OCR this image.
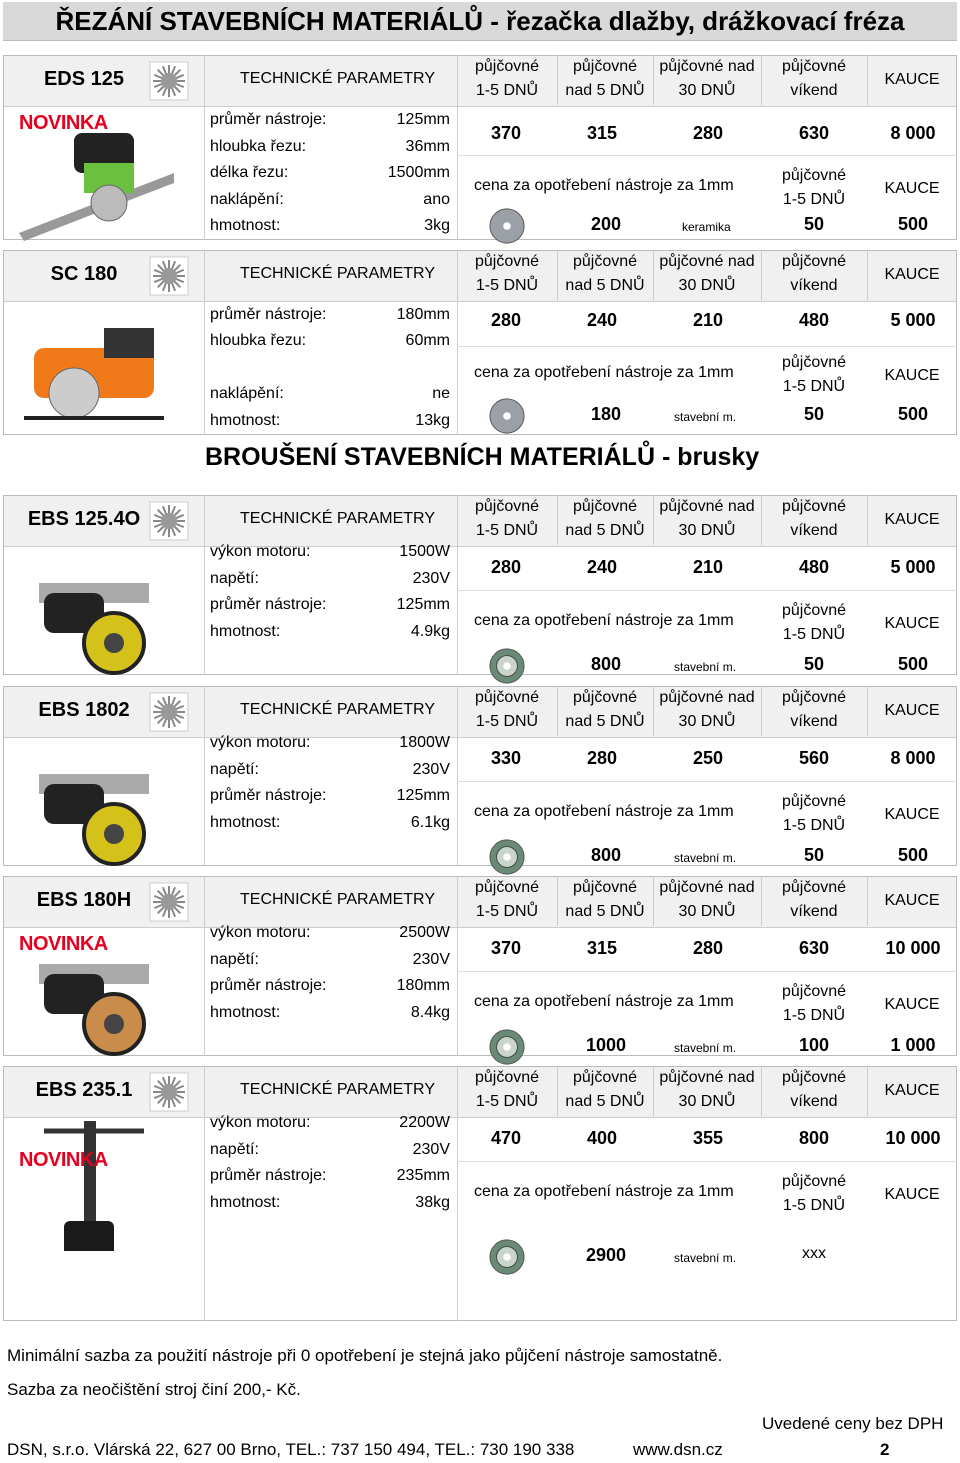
ŘEZÁNÍ STAVEBNÍCH MATERIÁLŮ - řezačka dlažby, drážkovací fréza
EDS 125	TECHNICKÉ PARAMETRY
půjčovné
1-5 DNŮ
půjčovné
nad 5 DNŮ
půjčovné nad
30 DNŮ
půjčovné
víkend
KAUCE
NOVINKA	průměr nástroje:	125mm
hloubka řezu:	36mm
délka řezu:	1500mm
naklápění:	ano
hmotnost:	3kg
370	315	280	630	8 000
cena za opotřebení nástroje za 1mm
půjčovné
1-5 DNŮ
KAUCE
200	keramika	50	500
SC 180	TECHNICKÉ PARAMETRY
půjčovné
1-5 DNŮ
půjčovné
nad 5 DNŮ
půjčovné nad
30 DNŮ
půjčovné
víkend
KAUCE
průměr nástroje:	180mm
hloubka řezu:	60mm
naklápění:	ne
hmotnost:	13kg
280	240	210	480	5 000
cena za opotřebení nástroje za 1mm
půjčovné
1-5 DNŮ
KAUCE
180	stavební m.	50	500
EBS 125.4O	TECHNICKÉ PARAMETRY
půjčovné
1-5 DNŮ
půjčovné
nad 5 DNŮ
půjčovné nad
30 DNŮ
půjčovné
víkend
KAUCE
výkon motoru:	1500W
napětí:	230V
průměr nástroje:	125mm
hmotnost:	4.9kg
280	240	210	480	5 000
cena za opotřebení nástroje za 1mm
půjčovné
1-5 DNŮ
KAUCE
800	stavební m.	50	500
EBS 1802	TECHNICKÉ PARAMETRY
půjčovné
1-5 DNŮ
půjčovné
nad 5 DNŮ
půjčovné nad
30 DNŮ
půjčovné
víkend
KAUCE
výkon motoru:	1800W
napětí:	230V
průměr nástroje:	125mm
hmotnost:	6.1kg
330	280	250	560	8 000
cena za opotřebení nástroje za 1mm
půjčovné
1-5 DNŮ
KAUCE
800	stavební m.	50	500
EBS 180H	TECHNICKÉ PARAMETRY
půjčovné
1-5 DNŮ
půjčovné
nad 5 DNŮ
půjčovné nad
30 DNŮ
půjčovné
víkend
KAUCE
NOVINKA
výkon motoru:	2500W
napětí:	230V
průměr nástroje:	180mm
hmotnost:	8.4kg
370	315	280	630	10 000
cena za opotřebení nástroje za 1mm
půjčovné
1-5 DNŮ
KAUCE
1000	stavební m.	100	1 000
EBS 235.1	TECHNICKÉ PARAMETRY
půjčovné
1-5 DNŮ
půjčovné
nad 5 DNŮ
půjčovné nad
30 DNŮ
půjčovné
víkend
KAUCE
NOVINKA
výkon motoru:	2200W
napětí:	230V
průměr nástroje:	235mm
hmotnost:	38kg
470	400	355	800	10 000
cena za opotřebení nástroje za 1mm
půjčovné
1-5 DNŮ
KAUCE
2900	stavební m.	xxx
BROUŠENÍ STAVEBNÍCH MATERIÁLŮ - brusky
Minimální sazba za použití nástroje při 0 opotřebení je stejná jako půjčení nástroje samostatně.
Sazba za neočištění stroj činí 200,- Kč.
Uvedené ceny bez DPH
DSN, s.r.o. Vlárská 22, 627 00 Brno, TEL.: 737 150 494, TEL.: 730 190 338	www.dsn.cz	2
